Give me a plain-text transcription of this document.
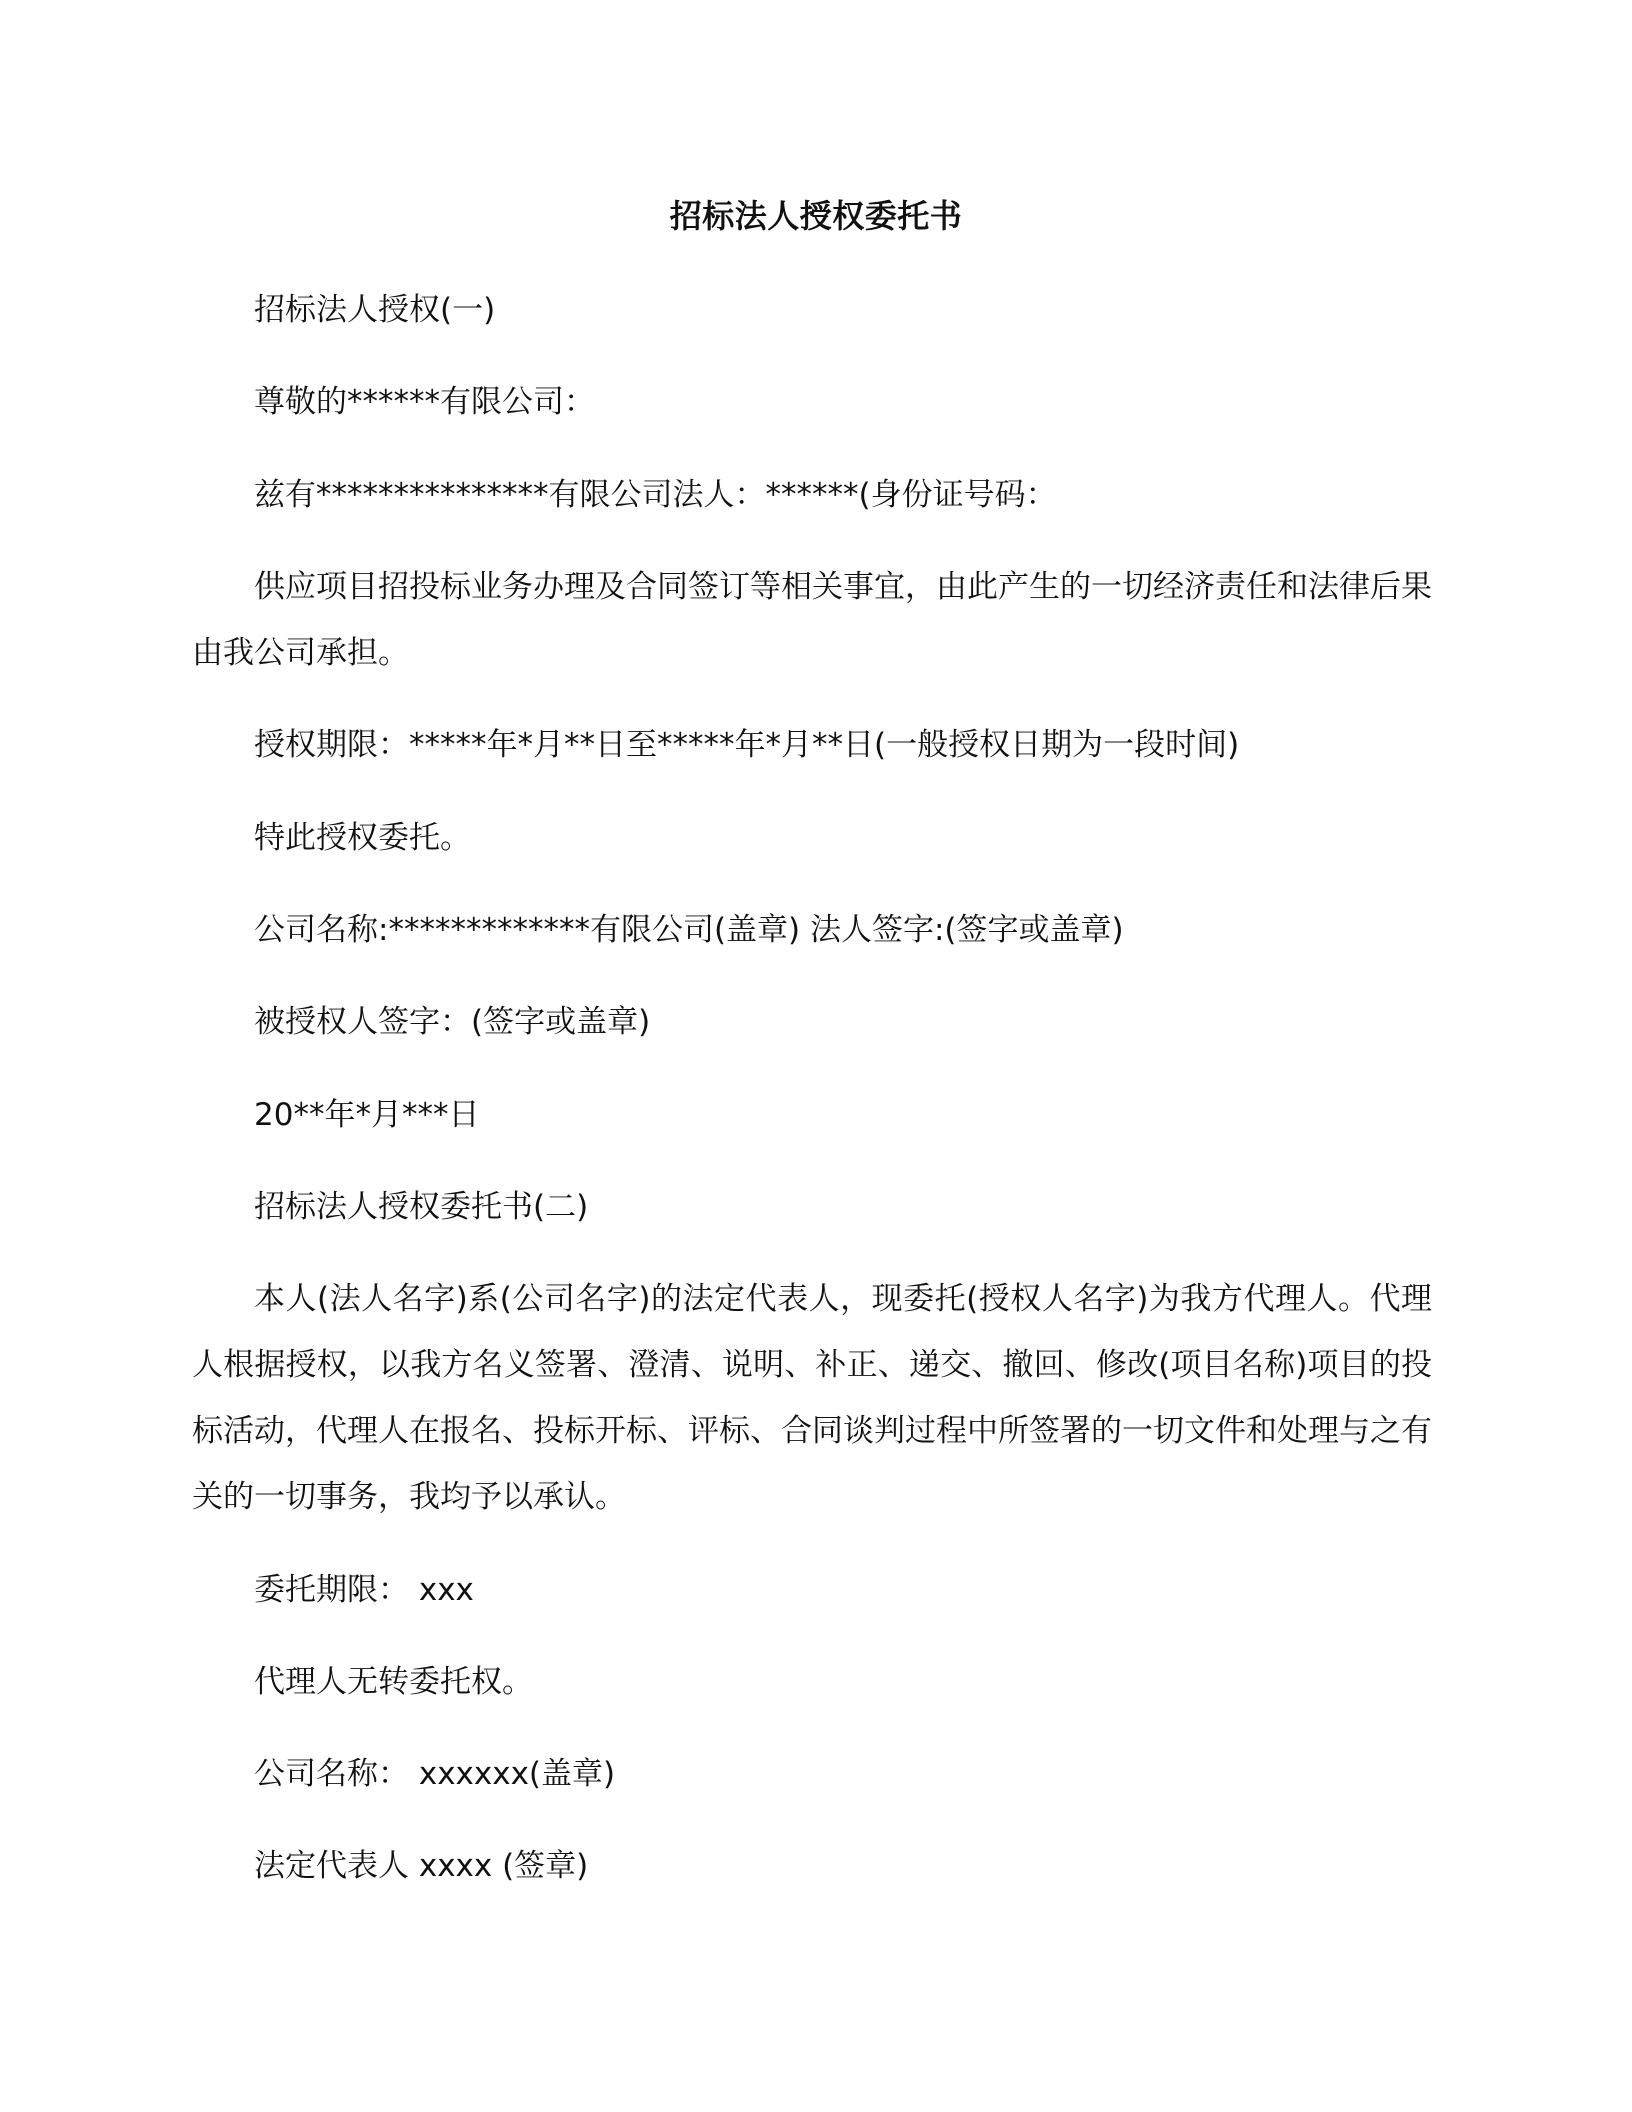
招标法人授权委托书
招标法人授权(一)
尊敬的******有限公司：
兹有***************有限公司法人：******(身份证号码：
供应项目招投标业务办理及合同签订等相关事宜，由此产生的一切经济责任和法律后果由我公司承担。
授权期限：*****年*月**日至*****年*月**日(一般授权日期为一段时间)
特此授权委托。
公司名称:*************有限公司(盖章) 法人签字:(签字或盖章)
被授权人签字：(签字或盖章)
20**年*月***日
招标法人授权委托书(二)
本人(法人名字)系(公司名字)的法定代表人，现委托(授权人名字)为我方代理人。代理人根据授权，以我方名义签署、澄清、说明、补正、递交、撤回、修改(项目名称)项目的投标活动，代理人在报名、投标开标、评标、合同谈判过程中所签署的一切文件和处理与之有关的一切事务，我均予以承认。
委托期限： xxx
代理人无转委托权。
公司名称： xxxxxx(盖章)
法定代表人 xxxx (签章)
